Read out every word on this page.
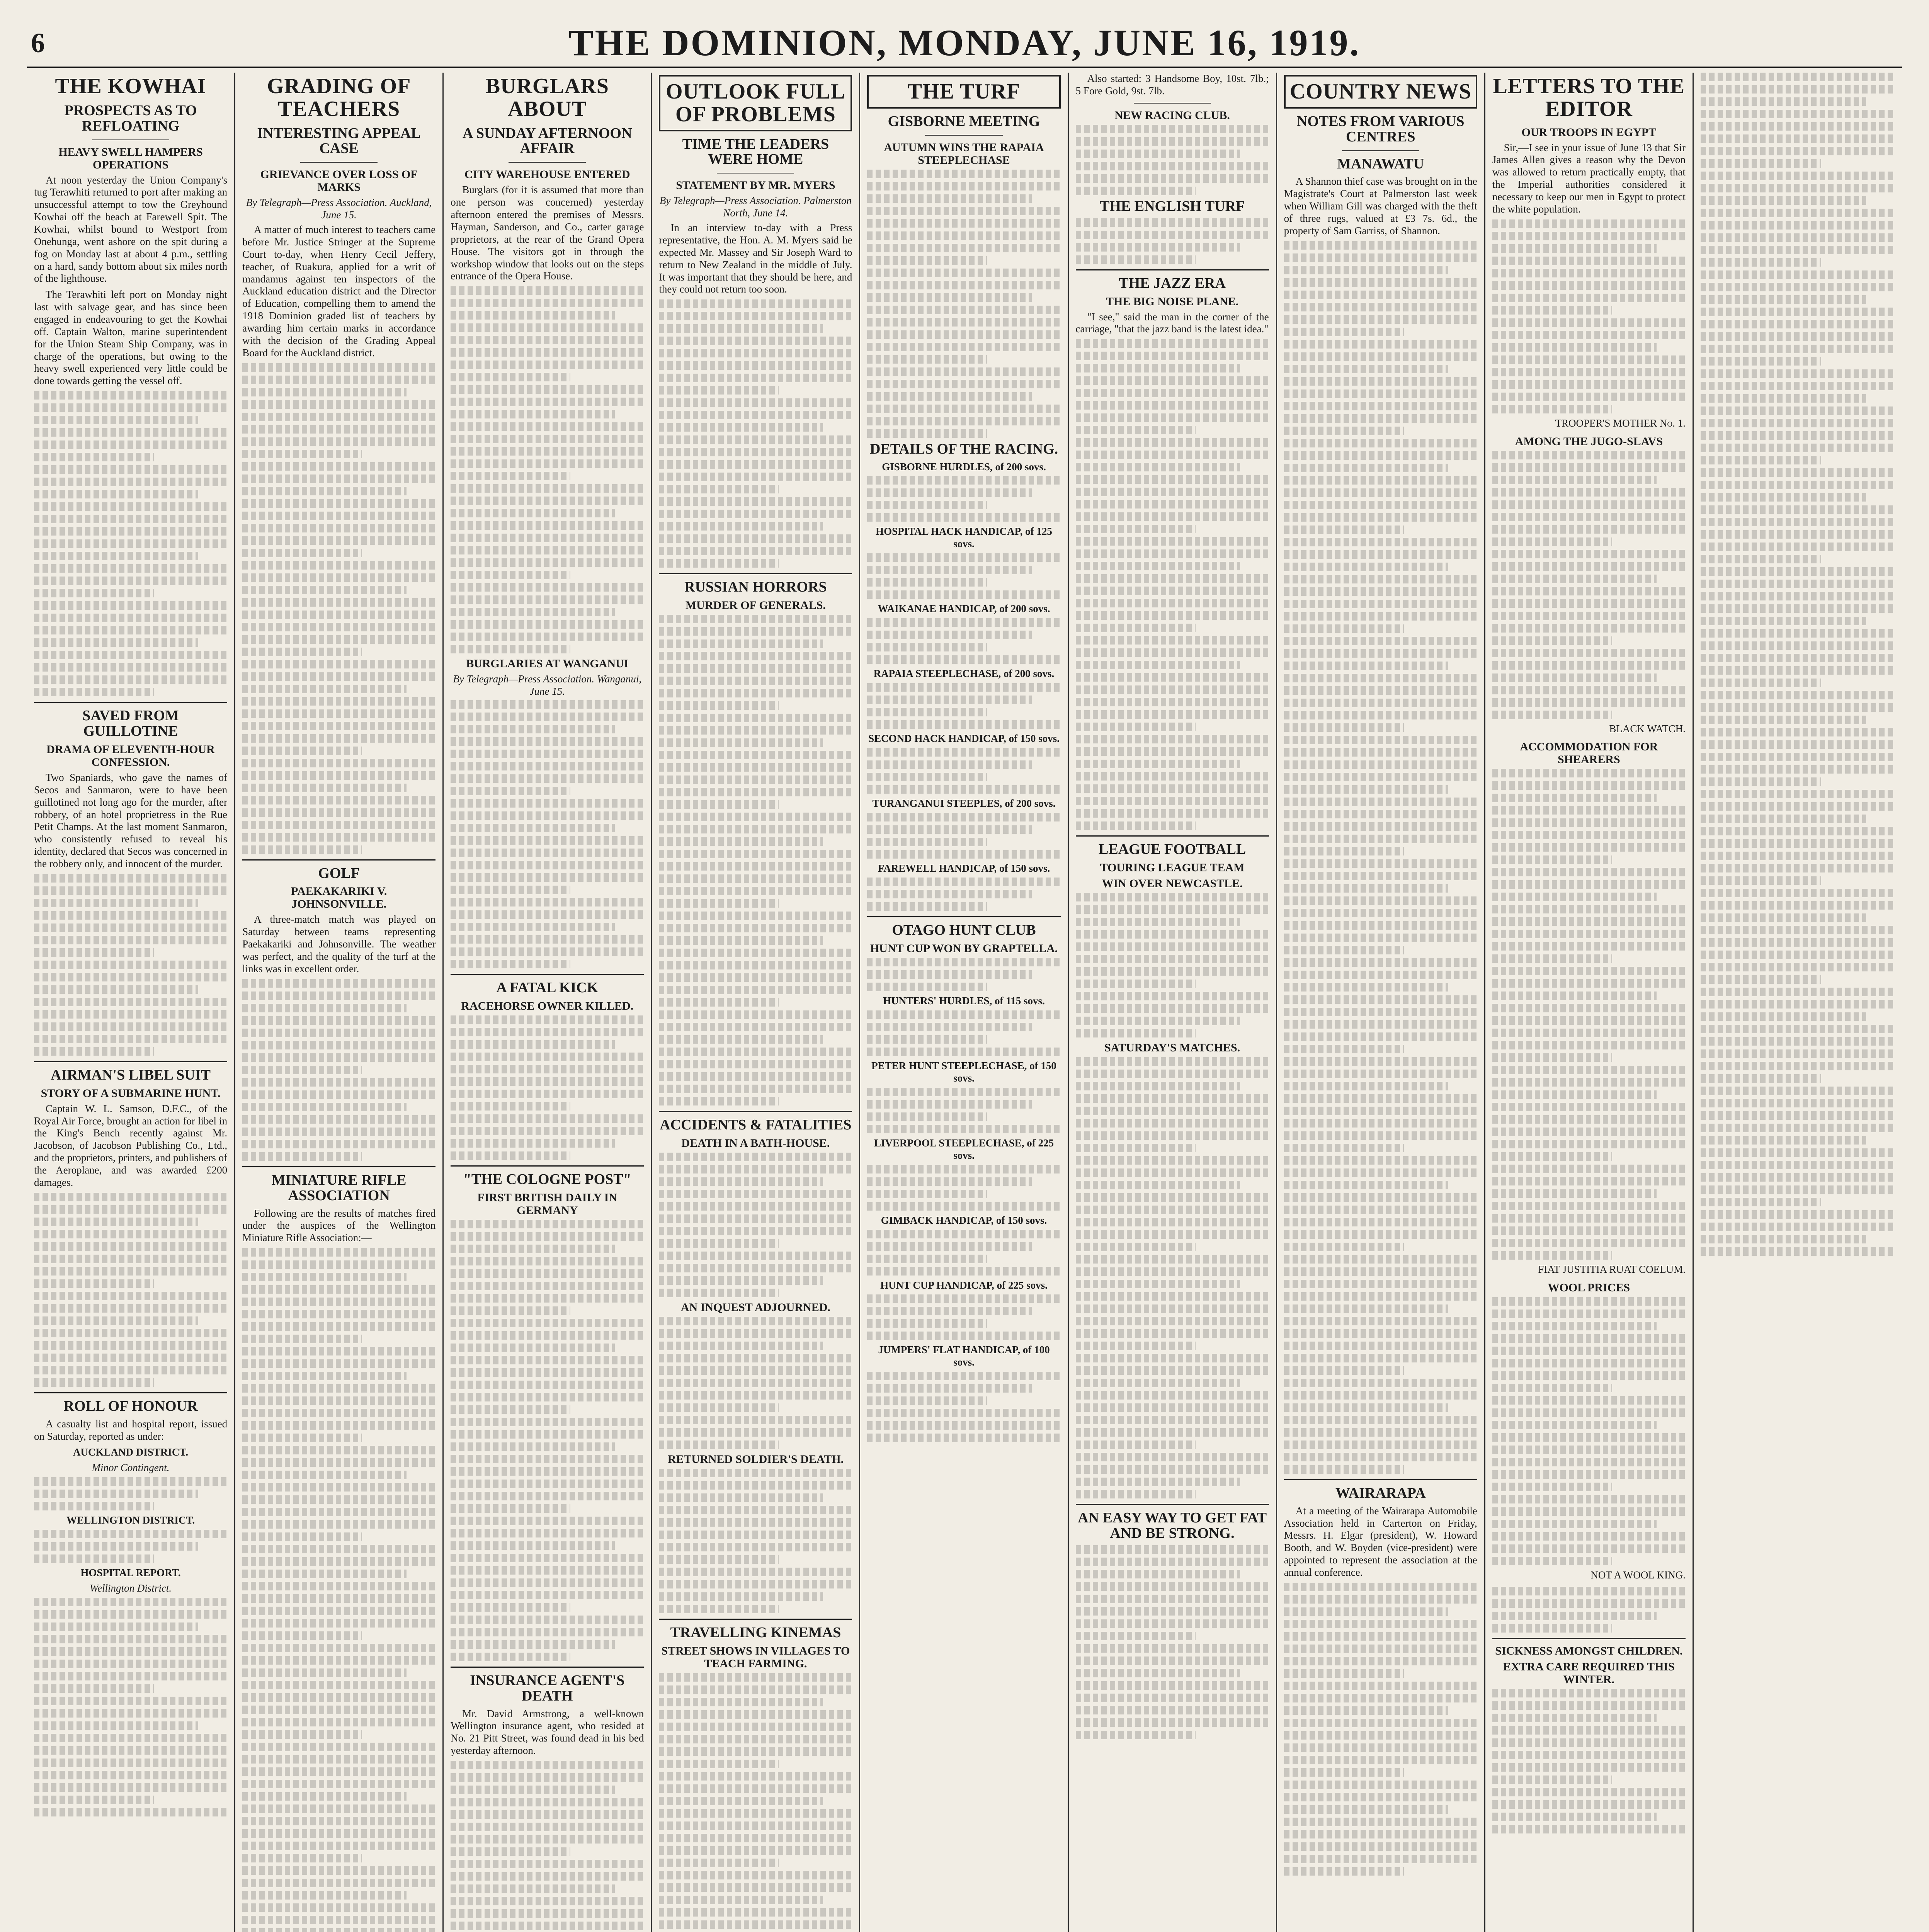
6	THE DOMINION, MONDAY, JUNE 16, 1919.
THE KOWHAI
PROSPECTS AS TO REFLOATING
HEAVY SWELL HAMPERS OPERATIONS

At noon yesterday the Union Company's tug Terawhiti returned to port after making an unsuccessful attempt to tow the Greyhound Kowhai off the beach at Farewell Spit. The Kowhai, whilst bound to Westport from Onehunga, went ashore on the spit during a fog on Monday last at about 4 p.m., settling on a hard, sandy bottom about six miles north of the lighthouse.

The Terawhiti left port on Monday night last with salvage gear, and has since been engaged in endeavouring to get the Kowhai off. Captain Walton, marine superintendent for the Union Steam Ship Company, was in charge of the operations, but owing to the heavy swell experienced very little could be done towards getting the vessel off.

SAVED FROM GUILLOTINE
DRAMA OF ELEVENTH-HOUR CONFESSION.

Two Spaniards, who gave the names of Secos and Sanmaron, were to have been guillotined not long ago for the murder, after robbery, of an hotel proprietress in the Rue Petit Champs. At the last moment Sanmaron, who consistently refused to reveal his identity, declared that Secos was concerned in the robbery only, and innocent of the murder.

AIRMAN'S LIBEL SUIT
STORY OF A SUBMARINE HUNT.

Captain W. L. Samson, D.F.C., of the Royal Air Force, brought an action for libel in the King's Bench recently against Mr. Jacobson, of Jacobson Publishing Co., Ltd., and the proprietors, printers, and publishers of the Aeroplane, and was awarded £200 damages.

ROLL OF HONOUR

A casualty list and hospital report, issued on Saturday, reported as under:

AUCKLAND DISTRICT.
Minor Contingent.
WELLINGTON DISTRICT.
HOSPITAL REPORT.
Wellington District.
GRADING OF TEACHERS
INTERESTING APPEAL CASE
GRIEVANCE OVER LOSS OF MARKS
By Telegraph—Press Association. Auckland, June 15.

A matter of much interest to teachers came before Mr. Justice Stringer at the Supreme Court to-day, when Henry Cecil Jeffery, teacher, of Ruakura, applied for a writ of mandamus against ten inspectors of the Auckland education district and the Director of Education, compelling them to amend the 1918 Dominion graded list of teachers by awarding him certain marks in accordance with the decision of the Grading Appeal Board for the Auckland district.

GOLF
PAEKAKARIKI V. JOHNSONVILLE.

A three-match match was played on Saturday between teams representing Paekakariki and Johnsonville. The weather was perfect, and the quality of the turf at the links was in excellent order.

MINIATURE RIFLE ASSOCIATION

Following are the results of matches fired under the auspices of the Wellington Miniature Rifle Association:—

BURGLARS ABOUT
A SUNDAY AFTERNOON AFFAIR
CITY WAREHOUSE ENTERED

Burglars (for it is assumed that more than one person was concerned) yesterday afternoon entered the premises of Messrs. Hayman, Sanderson, and Co., carter garage proprietors, at the rear of the Grand Opera House. The visitors got in through the workshop window that looks out on the steps entrance of the Opera House.

BURGLARIES AT WANGANUI
By Telegraph—Press Association. Wanganui, June 15.
A FATAL KICK
RACEHORSE OWNER KILLED.
"THE COLOGNE POST"
FIRST BRITISH DAILY IN GERMANY
INSURANCE AGENT'S DEATH

Mr. David Armstrong, a well-known Wellington insurance agent, who resided at No. 21 Pitt Street, was found dead in his bed yesterday afternoon.

OUTLOOK FULL OF PROBLEMS
TIME THE LEADERS WERE HOME
STATEMENT BY MR. MYERS
By Telegraph—Press Association. Palmerston North, June 14.

In an interview to-day with a Press representative, the Hon. A. M. Myers said he expected Mr. Massey and Sir Joseph Ward to return to New Zealand in the middle of July. It was important that they should be here, and they could not return too soon.

RUSSIAN HORRORS
MURDER OF GENERALS.
ACCIDENTS & FATALITIES
DEATH IN A BATH-HOUSE.
AN INQUEST ADJOURNED.
RETURNED SOLDIER'S DEATH.
TRAVELLING KINEMAS
STREET SHOWS IN VILLAGES TO TEACH FARMING.
THE TURF
GISBORNE MEETING
AUTUMN WINS THE RAPAIA STEEPLECHASE
DETAILS OF THE RACING.
GISBORNE HURDLES, of 200 sovs.
HOSPITAL HACK HANDICAP, of 125 sovs.
WAIKANAE HANDICAP, of 200 sovs.
RAPAIA STEEPLECHASE, of 200 sovs.
SECOND HACK HANDICAP, of 150 sovs.
TURANGANUI STEEPLES, of 200 sovs.
FAREWELL HANDICAP, of 150 sovs.
OTAGO HUNT CLUB
HUNT CUP WON BY GRAPTELLA.
HUNTERS' HURDLES, of 115 sovs.
PETER HUNT STEEPLECHASE, of 150 sovs.
LIVERPOOL STEEPLECHASE, of 225 sovs.
GIMBACK HANDICAP, of 150 sovs.
HUNT CUP HANDICAP, of 225 sovs.
JUMPERS' FLAT HANDICAP, of 100 sovs.

Also started: 3 Handsome Boy, 10st. 7lb.; 5 Fore Gold, 9st. 7lb.

NEW RACING CLUB.
THE ENGLISH TURF
THE JAZZ ERA
THE BIG NOISE PLANE.

"I see," said the man in the corner of the carriage, "that the jazz band is the latest idea."

LEAGUE FOOTBALL
TOURING LEAGUE TEAM
WIN OVER NEWCASTLE.
SATURDAY'S MATCHES.
AN EASY WAY TO GET FAT AND BE STRONG.
COUNTRY NEWS
NOTES FROM VARIOUS CENTRES
MANAWATU

A Shannon thief case was brought on in the Magistrate's Court at Palmerston last week when William Gill was charged with the theft of three rugs, valued at £3 7s. 6d., the property of Sam Garriss, of Shannon.

WAIRARAPA

At a meeting of the Wairarapa Automobile Association held in Carterton on Friday, Messrs. H. Elgar (president), W. Howard Booth, and W. Boyden (vice-president) were appointed to represent the association at the annual conference.

LETTERS TO THE EDITOR
OUR TROOPS IN EGYPT

Sir,—I see in your issue of June 13 that Sir James Allen gives a reason why the Devon was allowed to return practically empty, that the Imperial authorities considered it necessary to keep our men in Egypt to protect the white population.

TROOPER'S MOTHER No. 1.
AMONG THE JUGO-SLAVS
BLACK WATCH.
ACCOMMODATION FOR SHEARERS
FIAT JUSTITIA RUAT COELUM.
WOOL PRICES
NOT A WOOL KING.
SICKNESS AMONGST CHILDREN.
EXTRA CARE REQUIRED THIS WINTER.
